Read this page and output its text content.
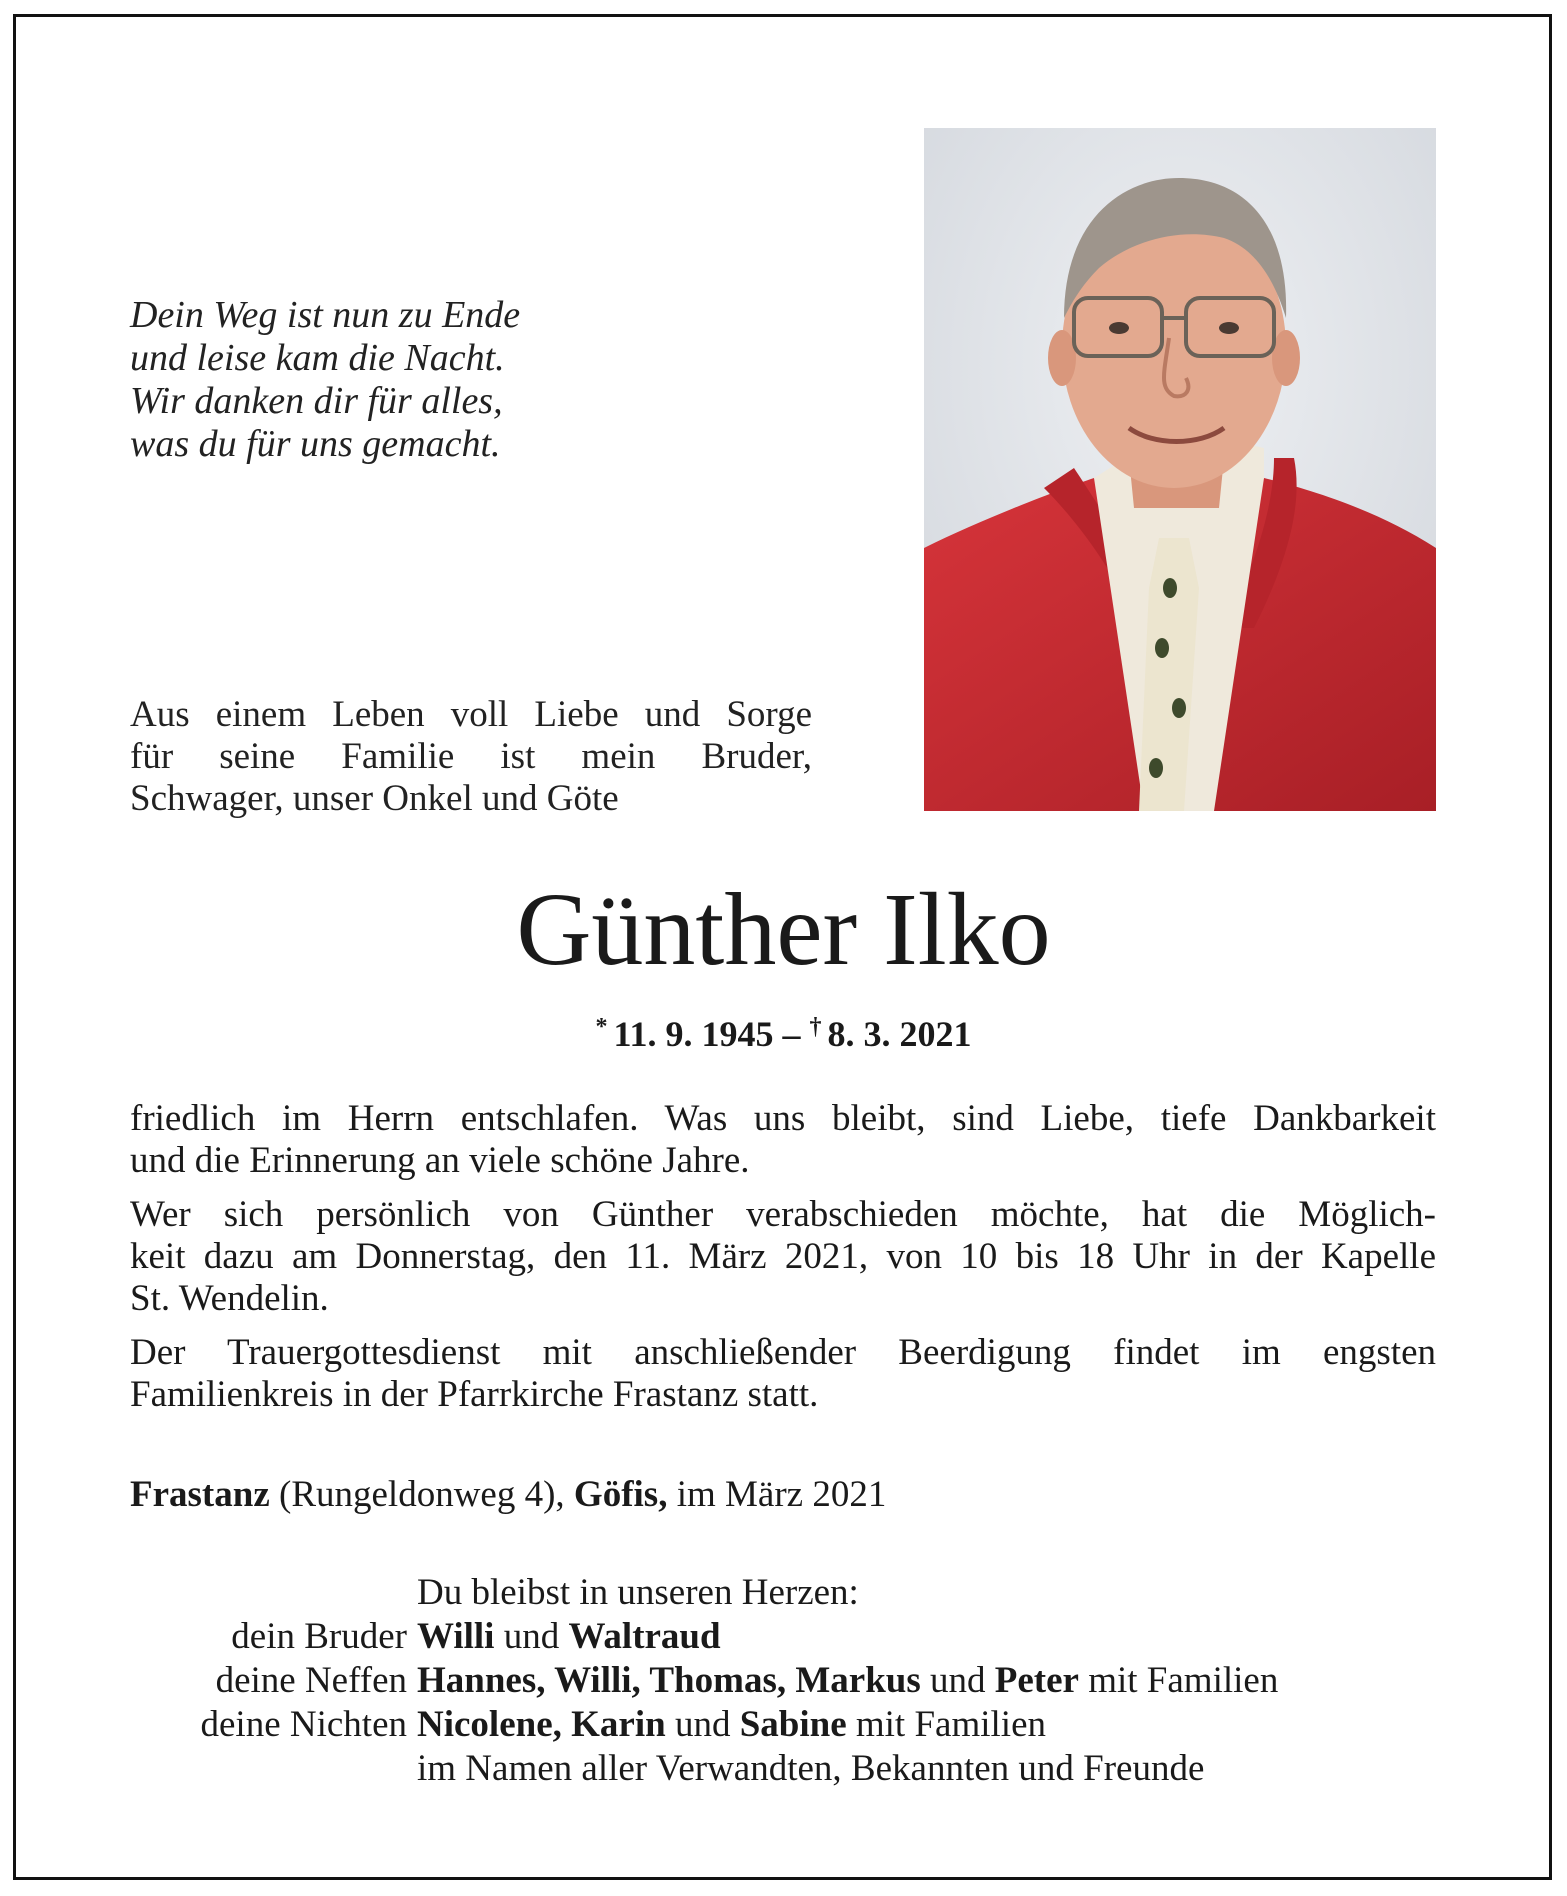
Dein Weg ist nun zu Ende
und leise kam die Nacht.
Wir danken dir für alles,
was du für uns gemacht.
Aus einem Leben voll Liebe und Sorge
für seine Familie ist mein Bruder,
Schwager, unser Onkel und Göte
Günther Ilko
* 11. 9. 1945 – † 8. 3. 2021

friedlich im Herrn entschlafen. Was uns bleibt, sind Liebe, tiefe Dankbarkeit
und die Erinnerung an viele schöne Jahre.

Wer sich persönlich von Günther verabschieden möchte, hat die Möglich-
keit dazu am Donnerstag, den 11. März 2021, von 10 bis 18 Uhr in der Kapelle
St. Wendelin.

Der Trauergottesdienst mit anschließender Beerdigung findet im engsten
Familienkreis in der Pfarrkirche Frastanz statt.

Frastanz (Rungeldonweg 4), Göfis, im März 2021
Du bleibst in unseren Herzen:
dein Bruder Willi und Waltraud
deine Neffen Hannes, Willi, Thomas, Markus und Peter mit Familien
deine Nichten Nicolene, Karin und Sabine mit Familien
im Namen aller Verwandten, Bekannten und Freunde
